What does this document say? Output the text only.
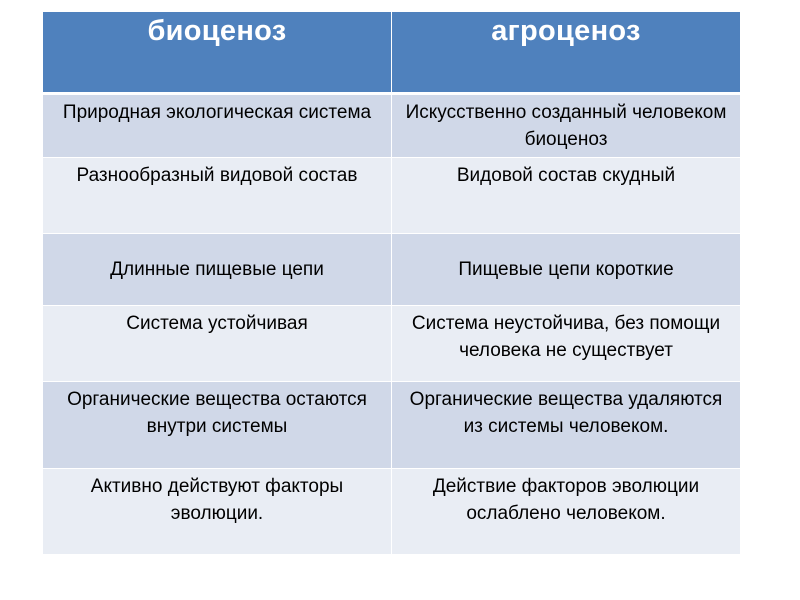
биоценоз	агроценоз
Природная экологическая система	Искусственно созданный человеком биоценоз
Разнообразный видовой состав	Видовой состав скудный
Длинные пищевые цепи	Пищевые цепи короткие
Система устойчивая	Система неустойчива, без помощи человека не существует
Органические вещества остаются внутри системы	Органические вещества удаляются из системы человеком.
Активно действуют факторы эволюции.	Действие факторов эволюции ослаблено человеком.
